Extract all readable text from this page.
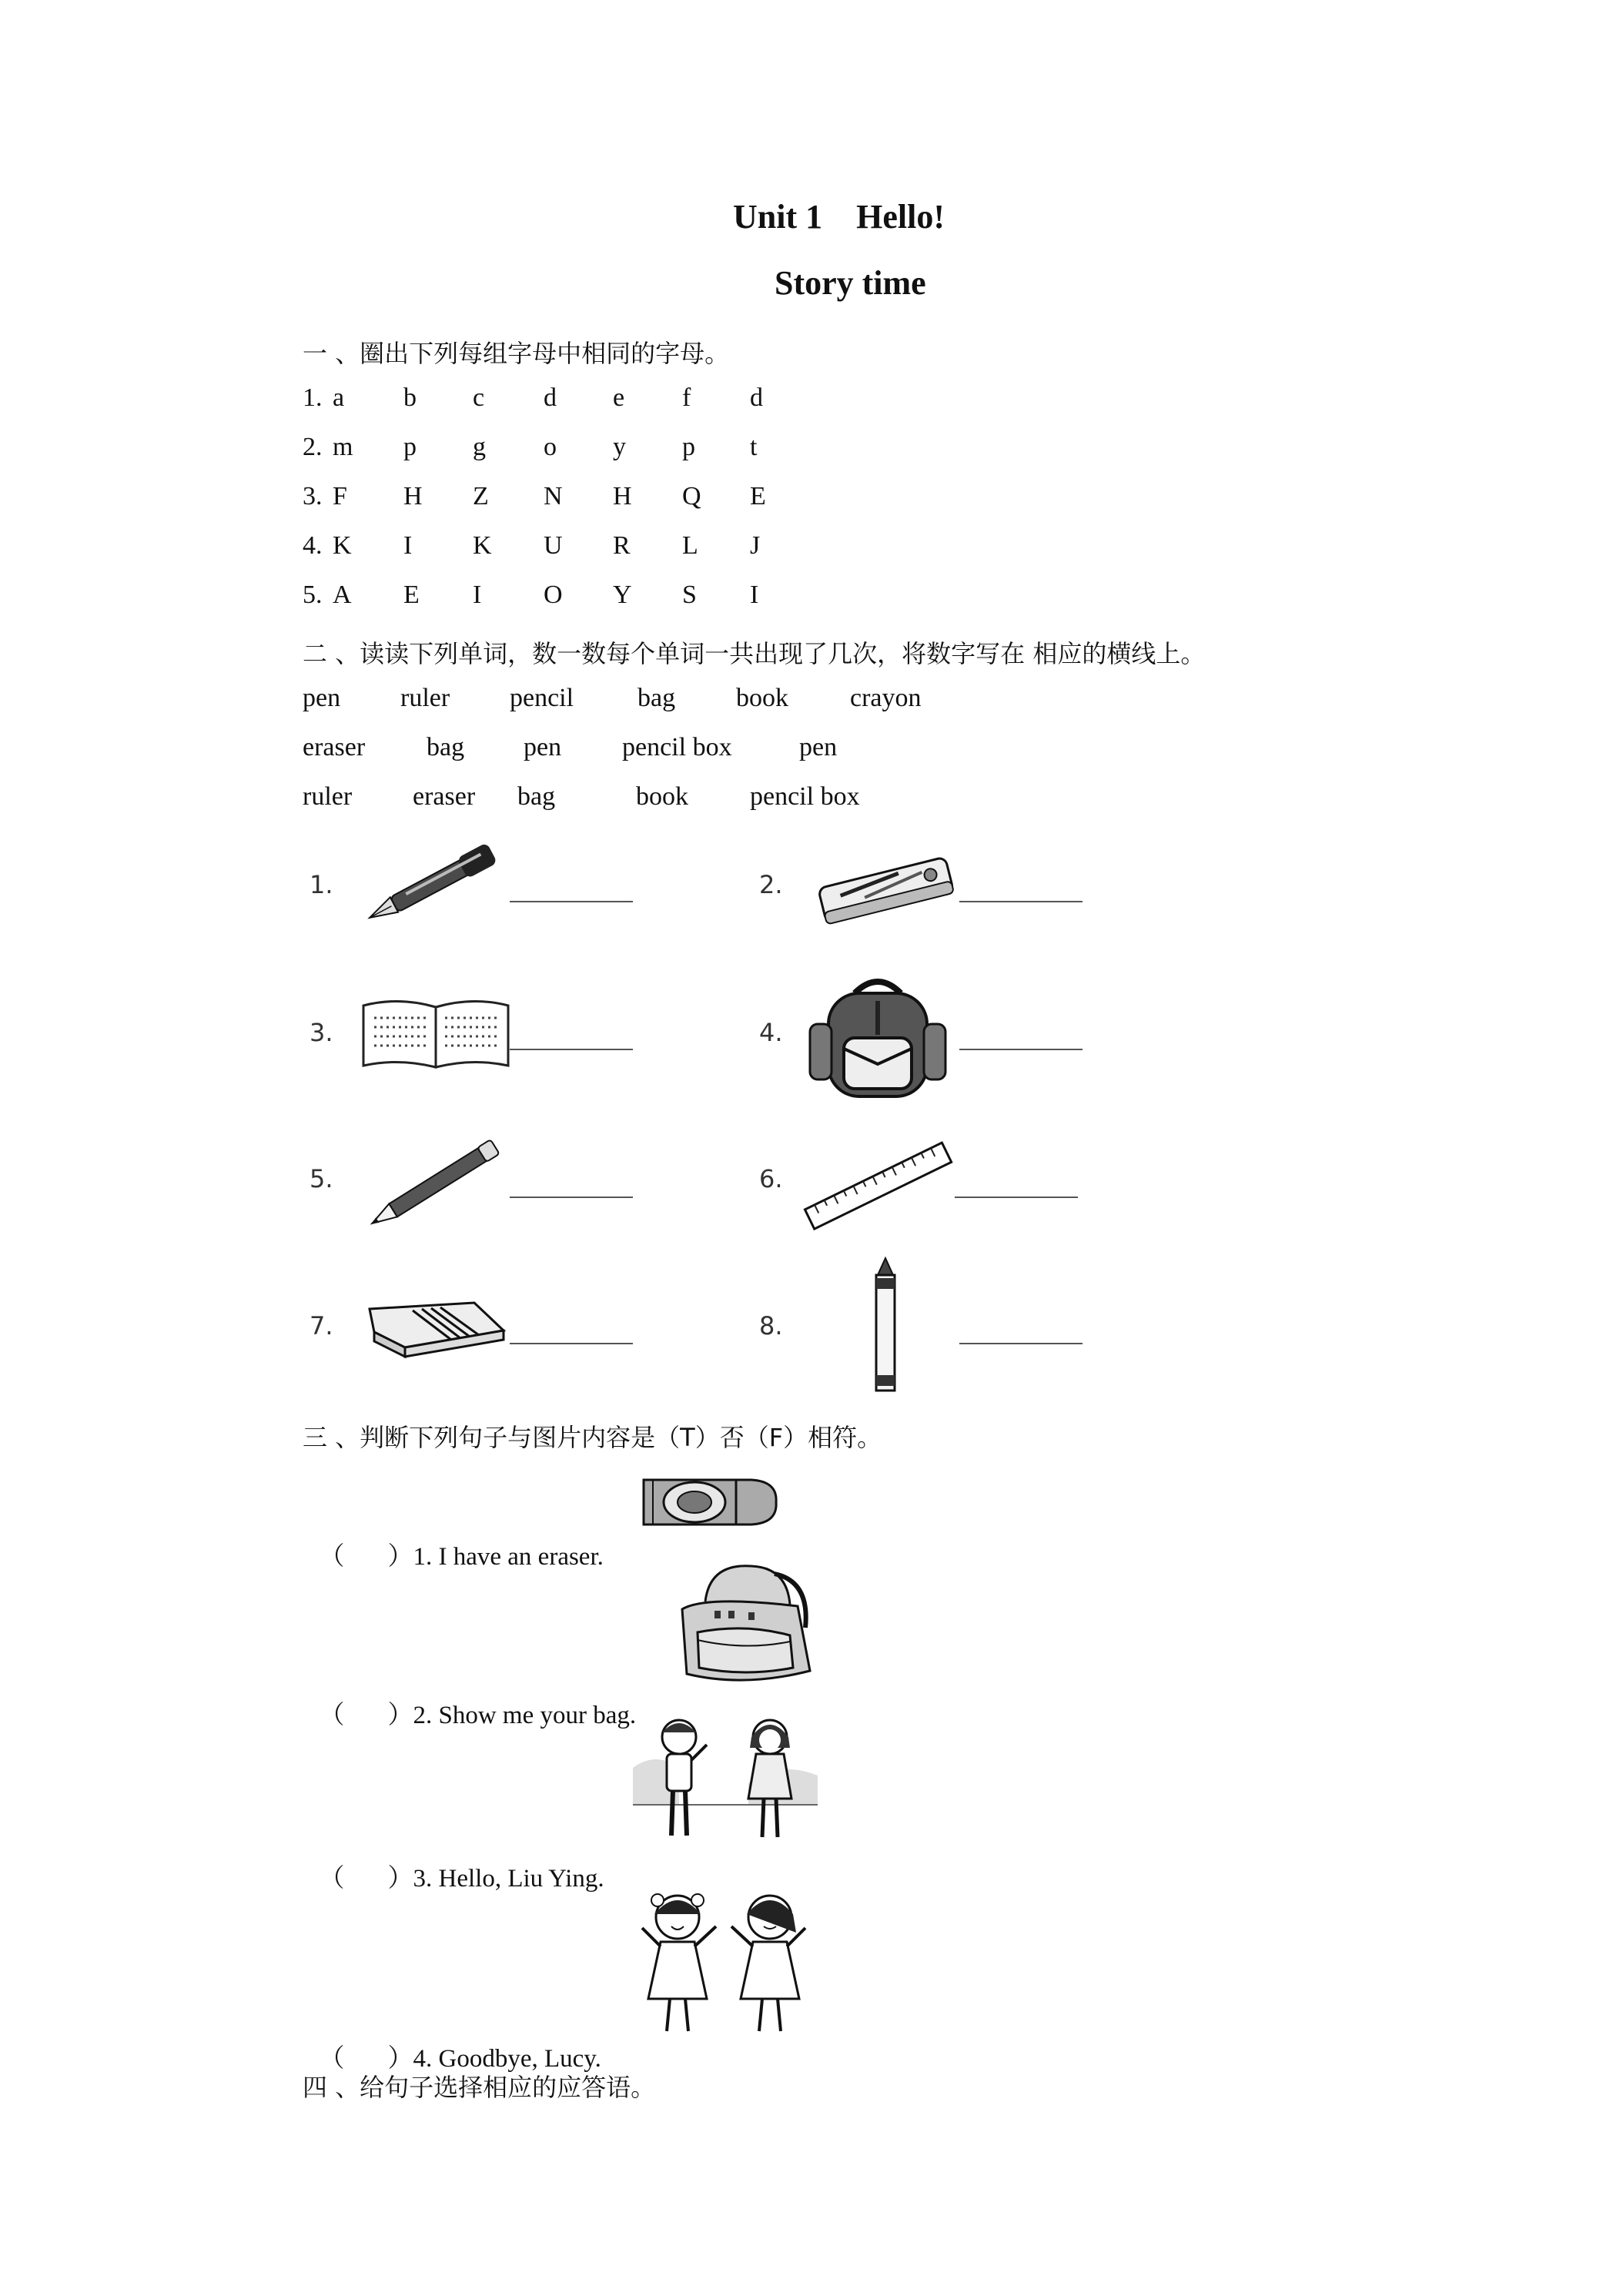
Unit 1    Hello!
Story time
一 、圈出下列每组字母中相同的字母。
1. a b c d e f d
2. m p g o y p t
3. F H Z N H Q E
4. K I K U R L J
5. A E I O Y S I
二 、读读下列单词，数一数每个单词一共出现了几次，将数字写在 相应的横线上。
pen ruler pencil bag book crayon
eraser bag pen pencil box	pen
ruler eraser bag	book pencil box
1.	2.
3.	4.
5.	6.
7.	8.
三 、判断下列句子与图片内容是（T）否（F）相符。

（ ）1. I have an eraser.

（ ）2. Show me your bag.

（ ）3. Hello, Liu Ying.

（ ）4. Goodbye, Lucy.

四 、给句子选择相应的应答语。
